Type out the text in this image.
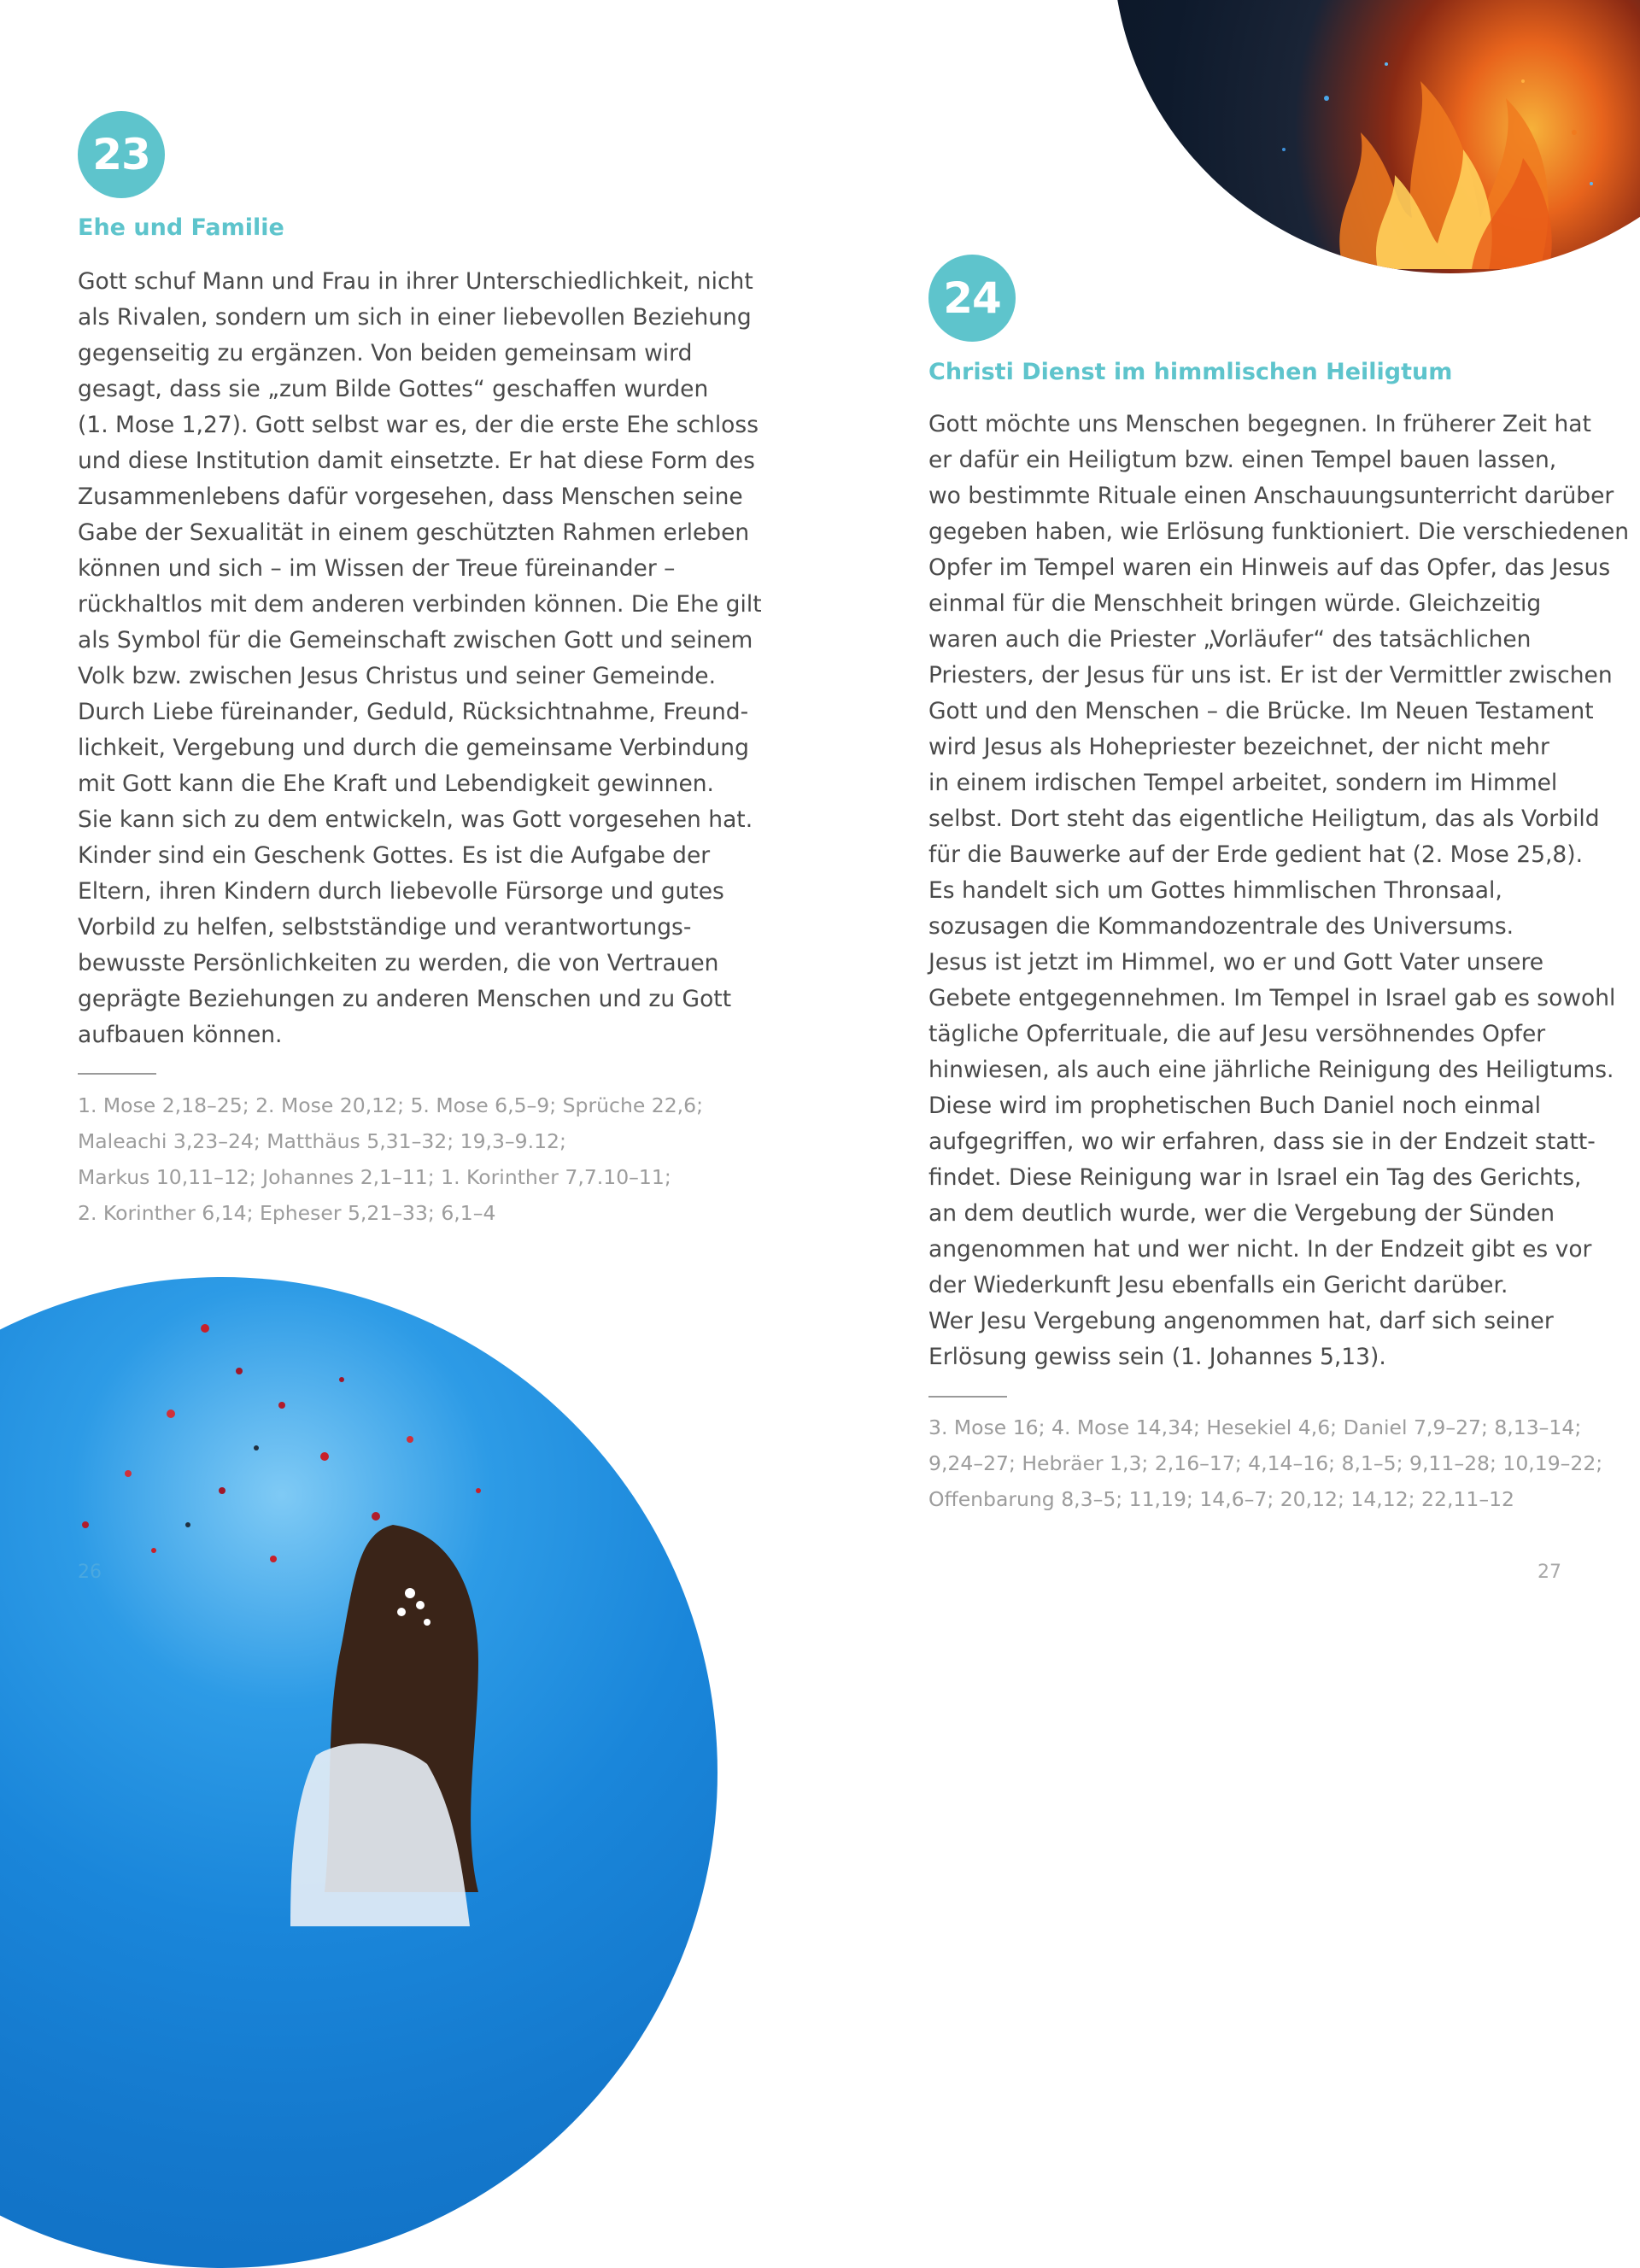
23
Ehe und Familie
Gott schuf Mann und Frau in ihrer Unterschiedlichkeit, nicht
als Rivalen, sondern um sich in einer liebevollen Beziehung
gegenseitig zu ergänzen. Von beiden gemeinsam wird
gesagt, dass sie „zum Bilde Gottes“ geschaffen wurden
(1. Mose 1,27). Gott selbst war es, der die erste Ehe schloss
und diese Institution damit einsetzte. Er hat diese Form des
Zusammenlebens dafür vorgesehen, dass Menschen seine
Gabe der Sexualität in einem geschützten Rahmen erleben
können und sich – im Wissen der Treue füreinander –
rückhaltlos mit dem anderen verbinden können. Die Ehe gilt
als Symbol für die Gemeinschaft zwischen Gott und seinem
Volk bzw. zwischen Jesus Christus und seiner Gemeinde.
Durch Liebe füreinander, Geduld, Rücksichtnahme, Freund-
lichkeit, Vergebung und durch die gemeinsame Verbindung
mit Gott kann die Ehe Kraft und Lebendigkeit gewinnen.
Sie kann sich zu dem entwickeln, was Gott vorgesehen hat.
Kinder sind ein Geschenk Gottes. Es ist die Aufgabe der
Eltern, ihren Kindern durch liebevolle Fürsorge und gutes
Vorbild zu helfen, selbstständige und verantwortungs-
bewusste Persönlichkeiten zu werden, die von Vertrauen
geprägte Beziehungen zu anderen Menschen und zu Gott
aufbauen können.
1. Mose 2,18–25; 2. Mose 20,12; 5. Mose 6,5–9; Sprüche 22,6;
Maleachi 3,23–24; Matthäus 5,31–32; 19,3–9.12;
Markus 10,11–12; Johannes 2,1–11; 1. Korinther 7,7.10–11;
2. Korinther 6,14; Epheser 5,21–33; 6,1–4
26
24
Christi Dienst im himmlischen Heiligtum
Gott möchte uns Menschen begegnen. In früherer Zeit hat
er dafür ein Heiligtum bzw. einen Tempel bauen lassen,
wo bestimmte Rituale einen Anschauungsunterricht darüber
gegeben haben, wie Erlösung funktioniert. Die verschiedenen
Opfer im Tempel waren ein Hinweis auf das Opfer, das Jesus
einmal für die Menschheit bringen würde. Gleichzeitig
waren auch die Priester „Vorläufer“ des tatsächlichen
Priesters, der Jesus für uns ist. Er ist der Vermittler zwischen
Gott und den Menschen – die Brücke. Im Neuen Testament
wird Jesus als Hohepriester bezeichnet, der nicht mehr
in einem irdischen Tempel arbeitet, sondern im Himmel
selbst. Dort steht das eigentliche Heiligtum, das als Vorbild
für die Bauwerke auf der Erde gedient hat (2. Mose 25,8).
Es handelt sich um Gottes himmlischen Thronsaal,
sozusagen die Kommandozentrale des Universums.
Jesus ist jetzt im Himmel, wo er und Gott Vater unsere
Gebete entgegennehmen. Im Tempel in Israel gab es sowohl
tägliche Opferrituale, die auf Jesu versöhnendes Opfer
hinwiesen, als auch eine jährliche Reinigung des Heiligtums.
Diese wird im prophetischen Buch Daniel noch einmal
aufgegriffen, wo wir erfahren, dass sie in der Endzeit statt-
findet. Diese Reinigung war in Israel ein Tag des Gerichts,
an dem deutlich wurde, wer die Vergebung der Sünden
angenommen hat und wer nicht. In der Endzeit gibt es vor
der Wiederkunft Jesu ebenfalls ein Gericht darüber.
Wer Jesu Vergebung angenommen hat, darf sich seiner
Erlösung gewiss sein (1. Johannes 5,13).
3. Mose 16; 4. Mose 14,34; Hesekiel 4,6; Daniel 7,9–27; 8,13–14;
9,24–27; Hebräer 1,3; 2,16–17; 4,14–16; 8,1–5; 9,11–28; 10,19–22;
Offenbarung 8,3–5; 11,19; 14,6–7; 20,12; 14,12; 22,11–12
27
